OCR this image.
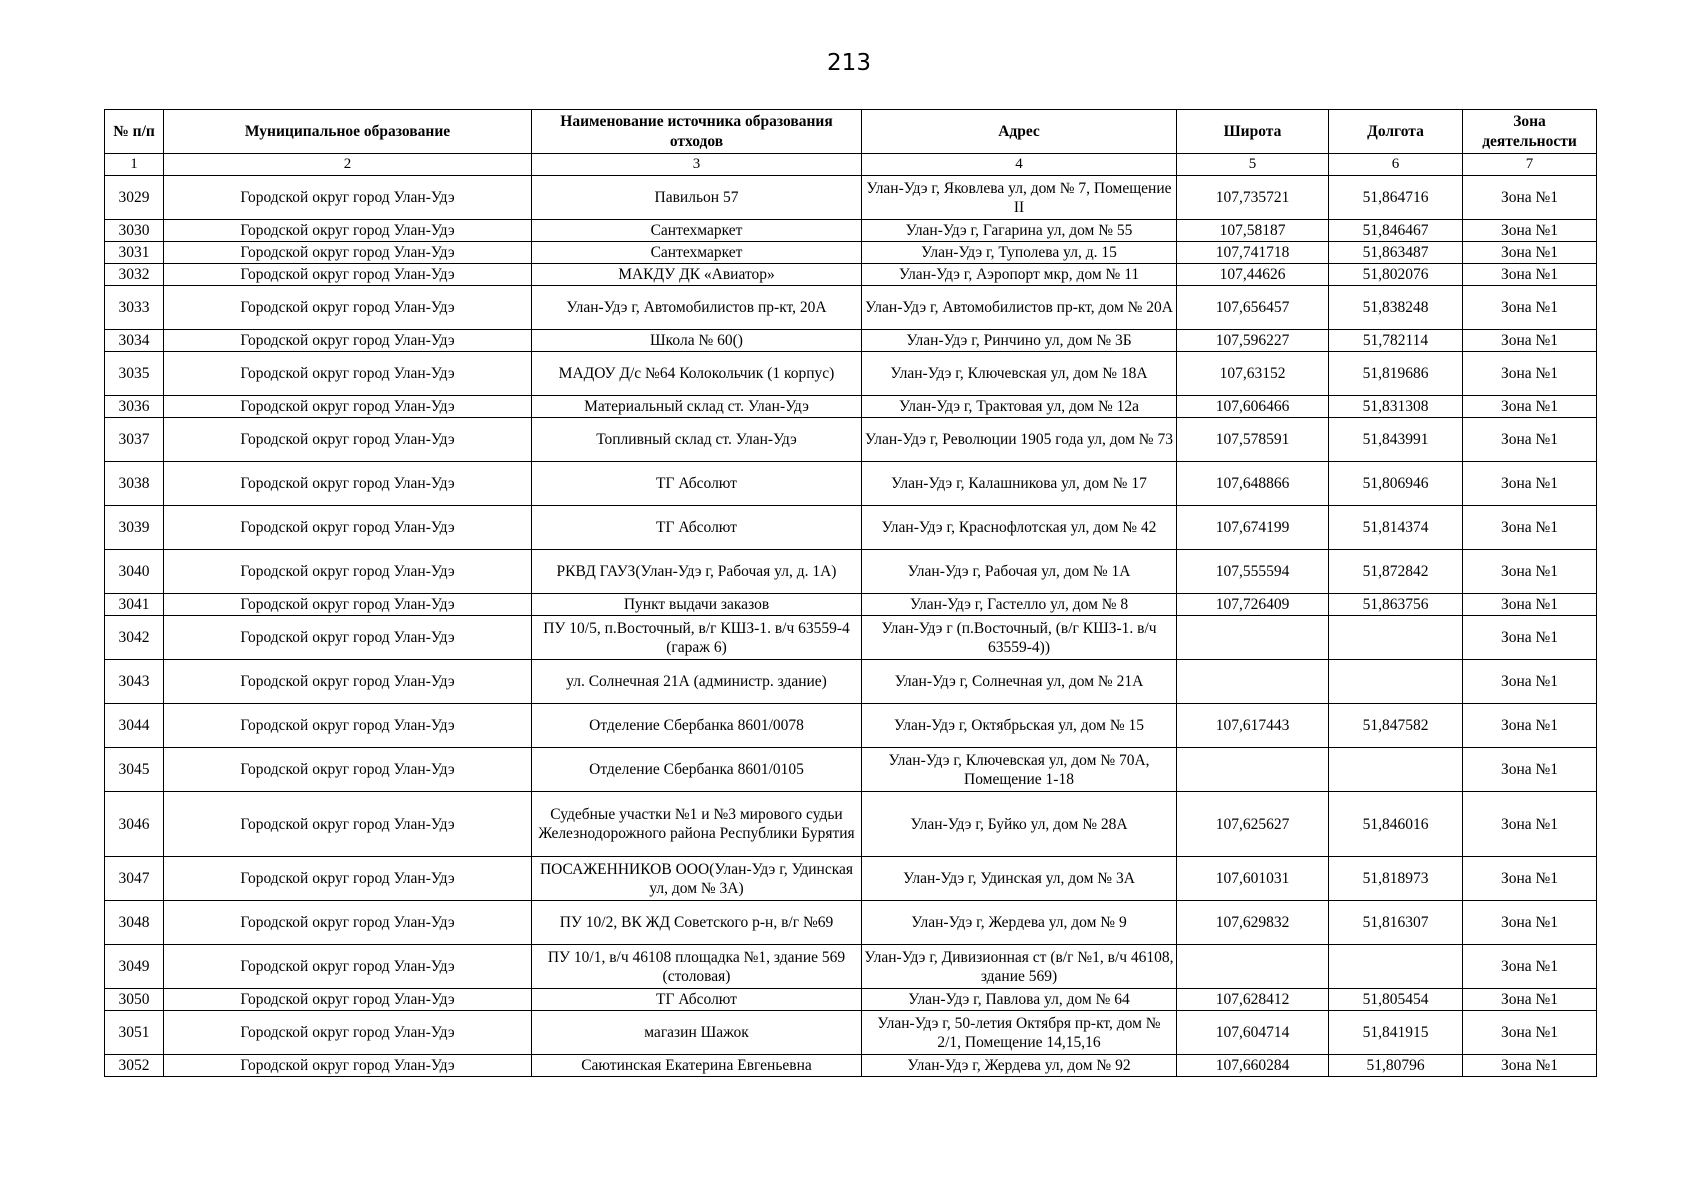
213
№ п/п	Муниципальное образование	Наименование источника образования отходов	Адрес	Широта	Долгота	Зона деятельности
1	2	3	4	5	6	7
3029	Городской округ город Улан-Удэ	Павильон 57	Улан-Удэ г, Яковлева ул, дом № 7, Помещение II	107,735721	51,864716	Зона №1
3030	Городской округ город Улан-Удэ	Сантехмаркет	Улан-Удэ г, Гагарина ул, дом № 55	107,58187	51,846467	Зона №1
3031	Городской округ город Улан-Удэ	Сантехмаркет	Улан-Удэ г, Туполева ул, д. 15	107,741718	51,863487	Зона №1
3032	Городской округ город Улан-Удэ	МАКДУ ДК «Авиатор»	Улан-Удэ г, Аэропорт мкр, дом № 11	107,44626	51,802076	Зона №1
3033	Городской округ город Улан-Удэ	Улан-Удэ г, Автомобилистов пр-кт, 20А	Улан-Удэ г, Автомобилистов пр-кт, дом № 20А	107,656457	51,838248	Зона №1
3034	Городской округ город Улан-Удэ	Школа № 60()	Улан-Удэ г, Ринчино ул, дом № 3Б	107,596227	51,782114	Зона №1
3035	Городской округ город Улан-Удэ	МАДОУ Д/с №64 Колокольчик (1 корпус)	Улан-Удэ г, Ключевская ул, дом № 18А	107,63152	51,819686	Зона №1
3036	Городской округ город Улан-Удэ	Материальный склад ст. Улан-Удэ	Улан-Удэ г, Трактовая ул, дом № 12а	107,606466	51,831308	Зона №1
3037	Городской округ город Улан-Удэ	Топливный склад ст. Улан-Удэ	Улан-Удэ г, Революции 1905 года ул, дом № 73	107,578591	51,843991	Зона №1
3038	Городской округ город Улан-Удэ	ТГ Абсолют	Улан-Удэ г, Калашникова ул, дом № 17	107,648866	51,806946	Зона №1
3039	Городской округ город Улан-Удэ	ТГ Абсолют	Улан-Удэ г, Краснофлотская ул, дом № 42	107,674199	51,814374	Зона №1
3040	Городской округ город Улан-Удэ	РКВД ГАУЗ(Улан-Удэ г, Рабочая ул, д. 1А)	Улан-Удэ г, Рабочая ул, дом № 1А	107,555594	51,872842	Зона №1
3041	Городской округ город Улан-Удэ	Пункт выдачи заказов	Улан-Удэ г, Гастелло ул, дом № 8	107,726409	51,863756	Зона №1
3042	Городской округ город Улан-Удэ	ПУ 10/5, п.Восточный, в/г КШЗ-1. в/ч 63559-4 (гараж 6)	Улан-Удэ г (п.Восточный, (в/г КШЗ-1. в/ч 63559-4))			Зона №1
3043	Городской округ город Улан-Удэ	ул. Солнечная 21А (администр. здание)	Улан-Удэ г, Солнечная ул, дом № 21А			Зона №1
3044	Городской округ город Улан-Удэ	Отделение Сбербанка 8601/0078	Улан-Удэ г, Октябрьская ул, дом № 15	107,617443	51,847582	Зона №1
3045	Городской округ город Улан-Удэ	Отделение Сбербанка 8601/0105	Улан-Удэ г, Ключевская ул, дом № 70А, Помещение 1-18			Зона №1
3046	Городской округ город Улан-Удэ	Судебные участки №1 и №3 мирового судьи Железнодорожного района Республики Бурятия	Улан-Удэ г, Буйко ул, дом № 28А	107,625627	51,846016	Зона №1
3047	Городской округ город Улан-Удэ	ПОСАЖЕННИКОВ ООО(Улан-Удэ г, Удинская ул, дом № 3А)	Улан-Удэ г, Удинская ул, дом № 3А	107,601031	51,818973	Зона №1
3048	Городской округ город Улан-Удэ	ПУ 10/2, ВК ЖД Советского р-н, в/г №69	Улан-Удэ г, Жердева ул, дом № 9	107,629832	51,816307	Зона №1
3049	Городской округ город Улан-Удэ	ПУ 10/1, в/ч 46108 площадка №1, здание 569 (столовая)	Улан-Удэ г, Дивизионная ст (в/г №1, в/ч 46108, здание 569)			Зона №1
3050	Городской округ город Улан-Удэ	ТГ Абсолют	Улан-Удэ г, Павлова ул, дом № 64	107,628412	51,805454	Зона №1
3051	Городской округ город Улан-Удэ	магазин Шажок	Улан-Удэ г, 50-летия Октября пр-кт, дом № 2/1, Помещение 14,15,16	107,604714	51,841915	Зона №1
3052	Городской округ город Улан-Удэ	Саютинская Екатерина Евгеньевна	Улан-Удэ г, Жердева ул, дом № 92	107,660284	51,80796	Зона №1
